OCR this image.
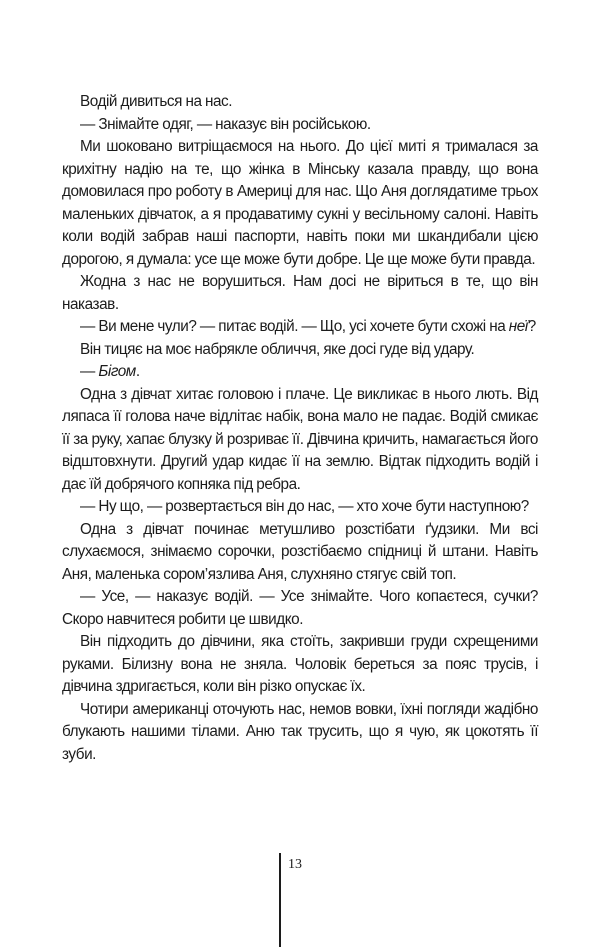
Водій дивиться на нас.

— Знімайте одяг, — наказує він російською.

Ми шоковано витріщаємося на нього. До цієї миті я трималася за крихітну надію на те, що жінка в Мінську казала правду, що вона домовилася про роботу в Америці для нас. Що Аня доглядатиме трьох маленьких дівчаток, а я продаватиму сукні у весільному салоні. Навіть коли водій забрав наші паспорти, навіть поки ми шкандибали цією дорогою, я думала: усе ще може бути добре. Це ще може бути правда.

Жодна з нас не ворушиться. Нам досі не віриться в те, що він наказав.

— Ви мене чули? — питає водій. — Що, усі хочете бути схожі на неї?

Він тицяє на моє набрякле обличчя, яке досі гуде від удару.

— Бігом.

Одна з дівчат хитає головою і плаче. Це викликає в нього лють. Від ляпаса її голова наче відлітає набік, вона мало не падає. Водій смикає її за руку, хапає блузку й розриває її. Дівчина кричить, намагається його відштовхнути. Другий удар кидає її на землю. Відтак підходить водій і дає їй добрячого копняка під ребра.

— Ну що, — розвертається він до нас, — хто хоче бути наступною?

Одна з дівчат починає метушливо розстібати ґудзики. Ми всі слухаємося, знімаємо сорочки, розстібаємо спідниці й штани. Навіть Аня, маленька сором’язлива Аня, слухняно стягує свій топ.

— Усе, — наказує водій. — Усе знімайте. Чого копаєтеся, сучки? Скоро навчитеся робити це швидко.

Він підходить до дівчини, яка стоїть, закривши груди схрещеними руками. Білизну вона не зняла. Чоловік береться за пояс трусів, і дівчина здригається, коли він різко опускає їх.

Чотири американці оточують нас, немов вовки, їхні погляди жадібно блукають нашими тілами. Аню так трусить, що я чую, як цокотять її зуби.

13
